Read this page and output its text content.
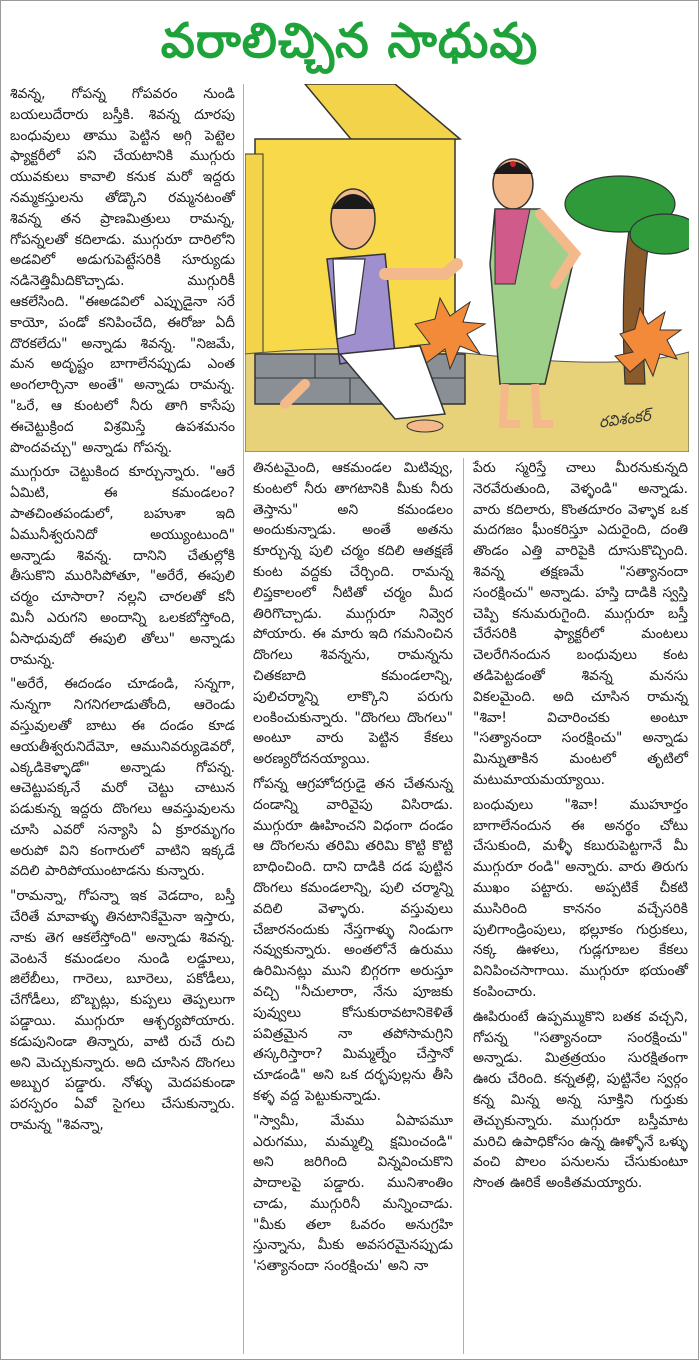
వరాలిచ్చిన సాధువు

శివన్న, గోపన్న గోపవరం నుండి బయలుదేరారు బస్తీకి. శివన్న దూరపు బంధువులు తాము పెట్టిన అగ్గి పెట్టెల ఫ్యాక్టరీలో పని చేయటానికి ముగ్గురు యువకులు కావాలి కనుక మరో ఇద్దరు నమ్మకస్తులను తోడ్కొని రమ్మనటంతో శివన్న తన ప్రాణమిత్రులు రామన్న, గోపన్నలతో కదిలాడు. ముగ్గురూ దారిలోని అడవిలో అడుగుపెట్టేసరికి సూర్యుడు నడినెత్తిమీదికొచ్చాడు. ముగ్గురికీ ఆకలేసింది. "ఈఅడవిలో ఎప్పుడైనా సరే కాయో, పండో కనిపించేది, ఈరోజు ఏదీ దొరకలేదు" అన్నాడు శివన్న. "నిజమే, మన అదృష్టం బాగాలేనప్పుడు ఎంత అంగలార్చినా అంతే" అన్నాడు రామన్న. "ఒరే, ఆ కుంటలో నీరు తాగి కాసేపు ఈచెట్టుక్రింద విశ్రమిస్తే ఉపశమనం పొందవచ్చు" అన్నాడు గోపన్న.

ముగ్గురూ చెట్టుకింద కూర్చున్నారు. "ఆరే ఏమిటి, ఈ కమండలం? పాతచింతపండులో, బహుశా ఇది ఏమునీశ్వరునిదో అయ్యుంటుంది" అన్నాడు శివన్న. దానిని చేతుల్లోకి తీసుకొని మురిసిపోతూ, "అరేరే, ఈపులి చర్మం చూసారా? నల్లని చారలతో కనీ మినీ ఎరుగని అందాన్ని ఒలకబోస్తోంది, ఏసాధువుదో ఈపులి తోలు" అన్నాడు రామన్న.

"అరేరే, ఈదండం చూడండి, సన్నగా, నున్నగా నిగనిగలాడుతోంది, ఆరెండు వస్తువులతో బాటు ఈ దండం కూడ ఆయతీశ్వరునిదేమో, ఆమునివర్యుడెవరో, ఎక్కడికెళ్ళాడో" అన్నాడు గోపన్న. ఆచెట్టుపక్కనే మరో చెట్టు చాటున పడుకున్న ఇద్దరు దొంగలు ఆవస్తువులను చూసి ఎవరో సన్యాసి ఏ క్రూరమృగం అరుపో విని కంగారులో వాటిని ఇక్కడే వదిలి పారిపోయుంటాడను కున్నారు.

"రామన్నా, గోపన్నా ఇక వెడదాం, బస్తీ చేరితే మావాళ్ళు తినటానికేమైనా ఇస్తారు, నాకు తెగ ఆకలేస్తోంది" అన్నాడు శివన్న. వెంటనే కమండలం నుండి లడ్డూలు, జిలేబీలు, గారెలు, బూరెలు, పకోడీలు, చేగోడీలు, బొబ్బట్లు, కుప్పలు తెప్పలుగా పడ్డాయి. ముగ్గురూ ఆశ్చర్యపోయారు. కడుపునిండా తిన్నారు, వాటి రుచే రుచి అని మెచ్చుకున్నారు. అది చూసిన దొంగలు అబ్బుర పడ్డారు. నోళ్ళు మెదపకుండా పరస్పరం ఏవో సైగలు చేసుకున్నారు. రామన్న "శివన్నా,

రవిశంకర్

తినటమైంది, ఆకమండల మిటివ్వు, కుంటలో నీరు తాగటానికి మీకు నీరు తెస్తాను" అని కమండలం అందుకున్నాడు. అంతే అతను కూర్చున్న పులి చర్మం కదిలి ఆతక్షణే కుంట వద్దకు చేర్చింది. రామన్న లిప్తకాలంలో నీటితో చర్మం మీద తిరిగొచ్చాడు. ముగ్గురూ నివ్వెర పోయారు. ఈ మారు ఇది గమనించిన దొంగలు శివన్నను, రామన్నను చితకబాది కమండలాన్ని, పులిచర్మాన్ని లాక్కొని పరుగు లంకించుకున్నారు. "దొంగలు దొంగలు" అంటూ వారు పెట్టిన కేకలు అరణ్యరోదనయ్యాయి.

గోపన్న ఆగ్రహోదగ్రుడై తన చేతనున్న దండాన్ని వారివైపు విసిరాడు. ముగ్గురూ ఊహించని విధంగా దండం ఆ దొంగలను తరిమి తరిమి కొట్టి కొట్టి బాధించింది. దాని దాడికి దడ పుట్టిన దొంగలు కమండలాన్ని, పులి చర్మాన్ని వదిలి వెళ్ళారు. వస్తువులు చేజారనందుకు నేస్తగాళ్ళు నిండుగా నవ్వుకున్నారు. అంతలోనే ఉరుము ఉరిమినట్లు ముని బిగ్గరగా అరుస్తూ వచ్చి "నీచులారా, నేను పూజకు పువ్వులు కోసుకురావటానికెళితే పవిత్రమైన నా తపోసామగ్రిని తస్కరిస్తారా? మిమ్మల్నేం చేస్తానో చూడండి" అని ఒక దర్భపుల్లను తీసి కళ్ళ వద్ద పెట్టుకున్నాడు.

"స్వామీ, మేము ఏపాపమూ ఎరుగము, మమ్మల్ని క్షమించండి" అని జరిగింది విన్నవించుకొని పాదాలపై పడ్డారు. మునిశాంతిం చాడు, ముగ్గురినీ మన్నించాడు. "మీకు తలా ఓవరం అనుగ్రహి స్తున్నాను, మీకు అవసరమైనప్పుడు 'సత్యానందా సంరక్షించు' అని నా

పేరు స్మరిస్తే చాలు మీరనుకున్నది నెరవేరుతుంది, వెళ్ళండి" అన్నాడు. వారు కదిలారు, కొంతదూరం వెళ్ళాక ఒక మదగజం ఘీంకరిస్తూ ఎదురైంది, దంతి తొండం ఎత్తి వారిపైకి దూసుకొచ్చింది. శివన్న తక్షణమే "సత్యానందా సంరక్షించు" అన్నాడు. హస్తి దాడికి స్వస్తి చెప్పి కనుమరుగైంది. ముగ్గురూ బస్తీ చేరేసరికి ఫ్యాక్టరీలో మంటలు చెలరేగినందున బంధువులు కంట తడిపెట్టడంతో శివన్న మనసు వికలమైంది. అది చూసిన రామన్న "శివా! విచారించకు అంటూ "సత్యానందా సంరక్షించు" అన్నాడు మిన్నుతాకిన మంటలో తృటిలో మటుమాయమయ్యాయి.

బంధువులు "శివా! ముహూర్తం బాగాలేనందున ఈ అనర్థం చోటు చేసుకుంది, మళ్ళీ కబురుపెట్టగానే మీ ముగ్గురూ రండి" అన్నారు. వారు తిరుగు ముఖం పట్టారు. అప్పటికే చీకటి ముసిరింది కాననం వచ్చేసరికి పులిగాండ్రింపులు, భల్లూకం గుర్రుకలు, నక్క ఊళలు, గుడ్లగూబల కేకలు వినిపించసాగాయి. ముగ్గురూ భయంతో కంపించారు.

ఊపిరుంటే ఉప్పమ్ముకొని బతక వచ్చని, గోపన్న "సత్యానందా సంరక్షించు" అన్నాడు. మిత్రత్రయం సురక్షితంగా ఊరు చేరింది. కన్నతల్లి, పుట్టినేల స్వర్గం కన్న మిన్న అన్న సూక్తిని గుర్తుకు తెచ్చుకున్నారు. ముగ్గురూ బస్తీమాట మరిచి ఉపాధికోసం ఉన్న ఊళ్ళోనే ఒళ్ళు వంచి పొలం పనులను చేసుకుంటూ సొంత ఊరికే అంకితమయ్యారు.
